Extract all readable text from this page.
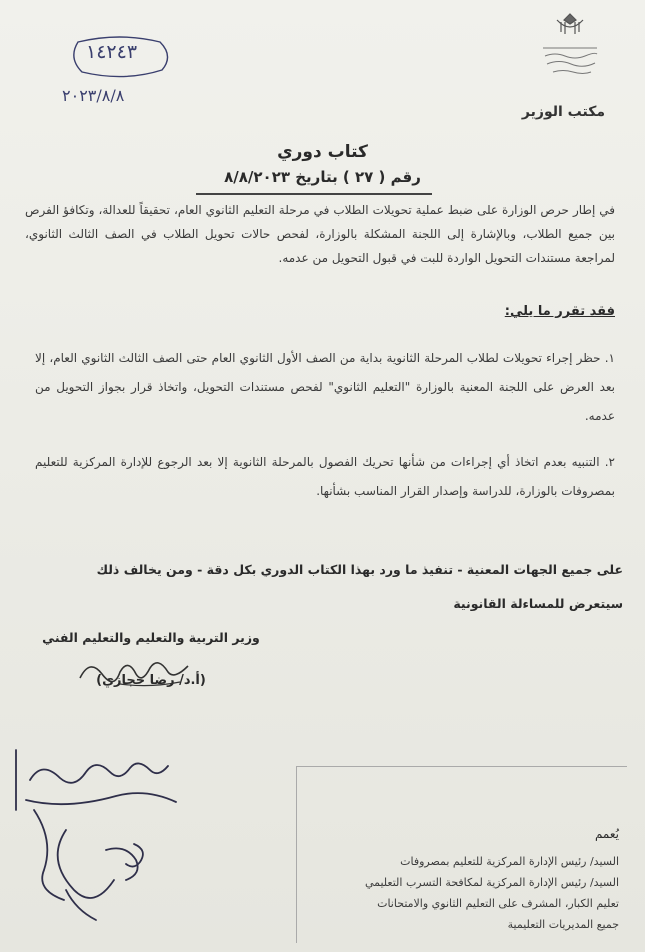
مكتب الوزير
١٤٢٤٣
٢٠٢٣/٨/٨
كتاب دوري
رقم ( ٢٧ ) بتاريخ ٨/٨/٢٠٢٣
في إطار حرص الوزارة على ضبط عملية تحويلات الطلاب في مرحلة التعليم الثانوي العام، تحقيقاً للعدالة، وتكافؤ الفرص بين جميع الطلاب، وبالإشارة إلى اللجنة المشكلة بالوزارة، لفحص حالات تحويل الطلاب في الصف الثالث الثانوي، لمراجعة مستندات التحويل الواردة للبت في قبول التحويل من عدمه.
فقد تقرر ما يلي:
١. حظر إجراء تحويلات لطلاب المرحلة الثانوية بداية من الصف الأول الثانوي العام حتى الصف الثالث الثانوي العام، إلا بعد العرض على اللجنة المعنية بالوزارة "التعليم الثانوي" لفحص مستندات التحويل، واتخاذ قرار بجواز التحويل من عدمه.
٢. التنبيه بعدم اتخاذ أي إجراءات من شأنها تحريك الفصول بالمرحلة الثانوية إلا بعد الرجوع للإدارة المركزية للتعليم بمصروفات بالوزارة، للدراسة وإصدار القرار المناسب بشأنها.
على جميع الجهات المعنية - تنفيذ ما ورد بهذا الكتاب الدوري بكل دقة - ومن يخالف ذلك
سيتعرض للمساءلة القانونية
وزير التربية والتعليم والتعليم الفني
(أ.د/ رضا حجازي)
يُعمم
السيد/ رئيس الإدارة المركزية للتعليم بمصروفات
السيد/ رئيس الإدارة المركزية لمكافحة التسرب التعليمي
تعليم الكبار، المشرف على التعليم الثانوي والامتحانات
جميع المديريات التعليمية
